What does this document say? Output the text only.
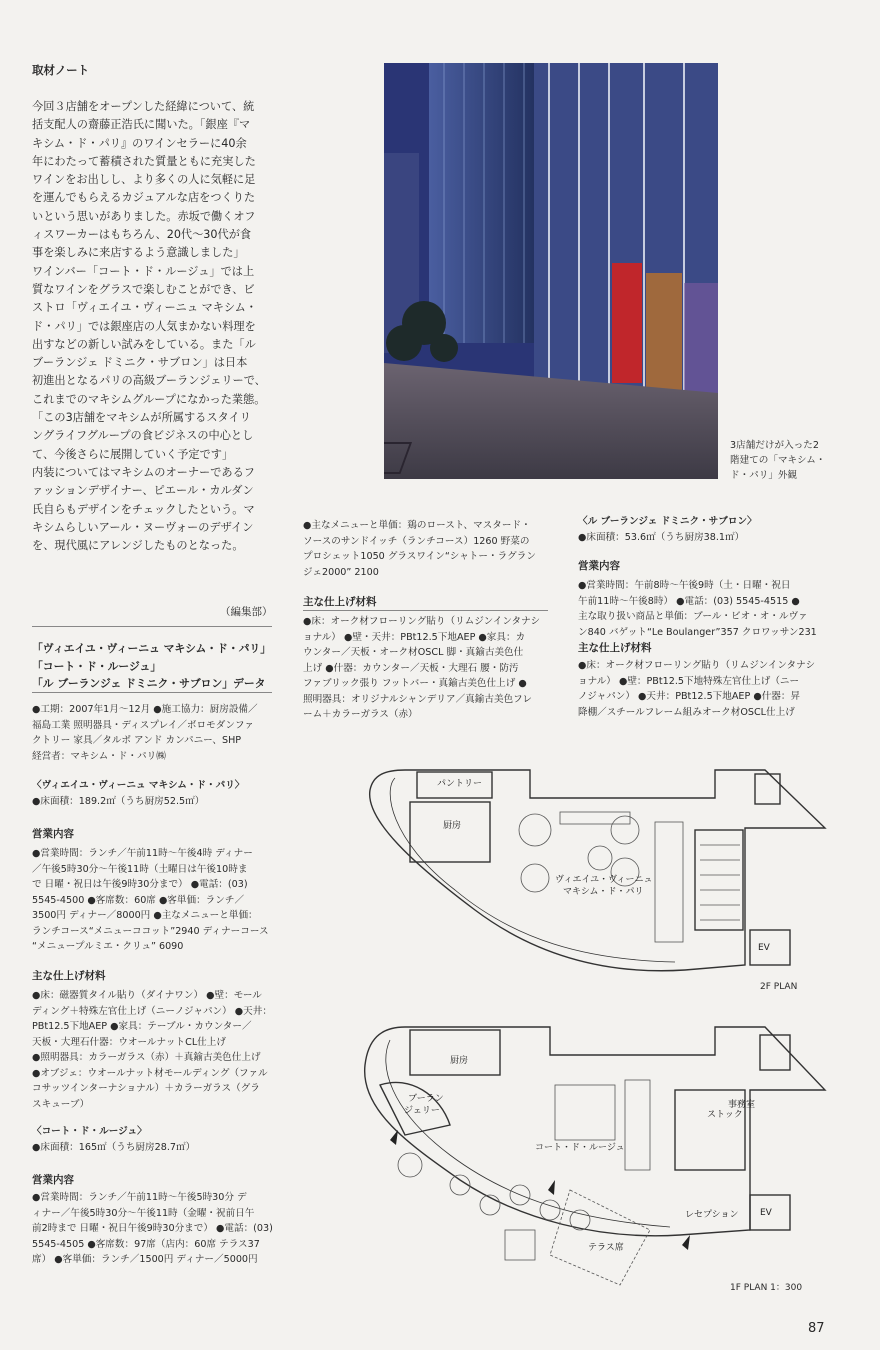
取材ノート
今回３店舗をオープンした経緯について、統
括支配人の齋藤正浩氏に聞いた。「銀座『マ
キシム・ド・パリ』のワインセラーに40余
年にわたって蓄積された質量ともに充実した
ワインをお出しし、より多くの人に気軽に足
を運んでもらえるカジュアルな店をつくりた
いという思いがありました。赤坂で働くオフ
ィスワーカーはもちろん、20代～30代が食
事を楽しみに来店するよう意識しました」
ワインバー「コート・ド・ルージュ」では上
質なワインをグラスで楽しむことができ、ビ
ストロ「ヴィエイユ・ヴィーニュ マキシム・
ド・パリ」では銀座店の人気まかない料理を
出すなどの新しい試みをしている。また「ル
ブーランジェ ドミニク・サブロン」は日本
初進出となるパリの高級ブーランジェリーで、
これまでのマキシムグループになかった業態。
「この3店舗をマキシムが所属するスタイリ
ングライフグループの食ビジネスの中心とし
て、今後さらに展開していく予定です」
内装についてはマキシムのオーナーであるフ
ァッションデザイナー、ピエール・カルダン
氏自らもデザインをチェックしたという。マ
キシムらしいアール・ヌーヴォーのデザイン
を、現代風にアレンジしたものとなった。
（編集部）
「ヴィエイユ・ヴィーニュ マキシム・ド・パリ」
「コート・ド・ルージュ」
「ル ブーランジェ ドミニク・サブロン」データ
●工期：2007年1月～12月 ●施工協力：厨房設備／
福島工業 照明器具・ディスプレイ／ボロモダンファ
クトリー 家具／タルボ アンド カンパニー、SHP
経営者：マキシム・ド・パリ㈱
〈ヴィエイユ・ヴィーニュ マキシム・ド・パリ〉
●床面積：189.2㎡（うち厨房52.5㎡）
営業内容
●営業時間：ランチ／午前11時～午後4時 ディナー
／午後5時30分～午後11時（土曜日は午後10時ま
で 日曜・祝日は午後9時30分まで） ●電話：(03)
5545-4500 ●客席数：60席 ●客単価：ランチ／
3500円 ディナー／8000円 ●主なメニューと単価：
ランチコース“メニューココット”2940 ディナーコース
“メニュープルミエ・クリュ” 6090
主な仕上げ材料
●床：磁器質タイル貼り（ダイナワン） ●壁：モール
ディング＋特殊左官仕上げ（ニーノジャパン） ●天井：
PBt12.5下地AEP ●家具：テーブル・カウンター／
天板・大理石什器：ウオールナットCL仕上げ
●照明器具：カラーガラス（赤）＋真鍮古美色仕上げ
●オブジェ：ウオールナット材モールディング（ファル
コサッツインターナショナル）＋カラーガラス（グラ
スキューブ）
〈コート・ド・ルージュ〉
●床面積：165㎡（うち厨房28.7㎡）
営業内容
●営業時間：ランチ／午前11時～午後5時30分 デ
ィナー／午後5時30分～午後11時（金曜・祝前日午
前2時まで 日曜・祝日午後9時30分まで） ●電話：(03)
5545-4505 ●客席数：97席（店内：60席 テラス37
席） ●客単価：ランチ／1500円 ディナー／5000円
3店舗だけが入った2
階建ての「マキシム・
ド・パリ」外観
●主なメニューと単価：鶏のロースト、マスタード・
ソースのサンドイッチ（ランチコース）1260 野菜の
プロシェット1050 グラスワイン“シャトー・ラグラン
ジェ2000” 2100
主な仕上げ材料
●床：オーク材フローリング貼り（リムジンインタナシ
ョナル） ●壁・天井：PBt12.5下地AEP ●家具：カ
ウンター／天板・オーク材OSCL 脚・真鍮古美色仕
上げ ●什器：カウンター／天板・大理石 腰・防汚
ファブリック張り フットバー・真鍮古美色仕上げ ●
照明器具：オリジナルシャンデリア／真鍮古美色フレ
ーム＋カラーガラス（赤）
〈ル ブーランジェ ドミニク・サブロン〉
●床面積：53.6㎡（うち厨房38.1㎡）
営業内容
●営業時間：午前8時～午後9時（土・日曜・祝日
午前11時～午後8時） ●電話：(03) 5545-4515 ●
主な取り扱い商品と単価：ブール・ビオ・オ・ルヴァ
ン840 バゲット“Le Boulanger”357 クロワッサン231
主な仕上げ材料
●床：オーク材フローリング貼り（リムジンインタナシ
ョナル） ●壁：PBt12.5下地特殊左官仕上げ（ニー
ノジャパン） ●天井：PBt12.5下地AEP ●什器：昇
降棚／スチールフレーム組みオーク材OSCL仕上げ
パントリー
厨房
ヴィエイユ・ヴィーニュ
マキシム・ド・パリ
EV
2F PLAN
厨房
ブーラン
ジェリー
コート・ド・ルージュ
ストック
事務室
レセプション EV
テラス席
1F PLAN 1：300
87
